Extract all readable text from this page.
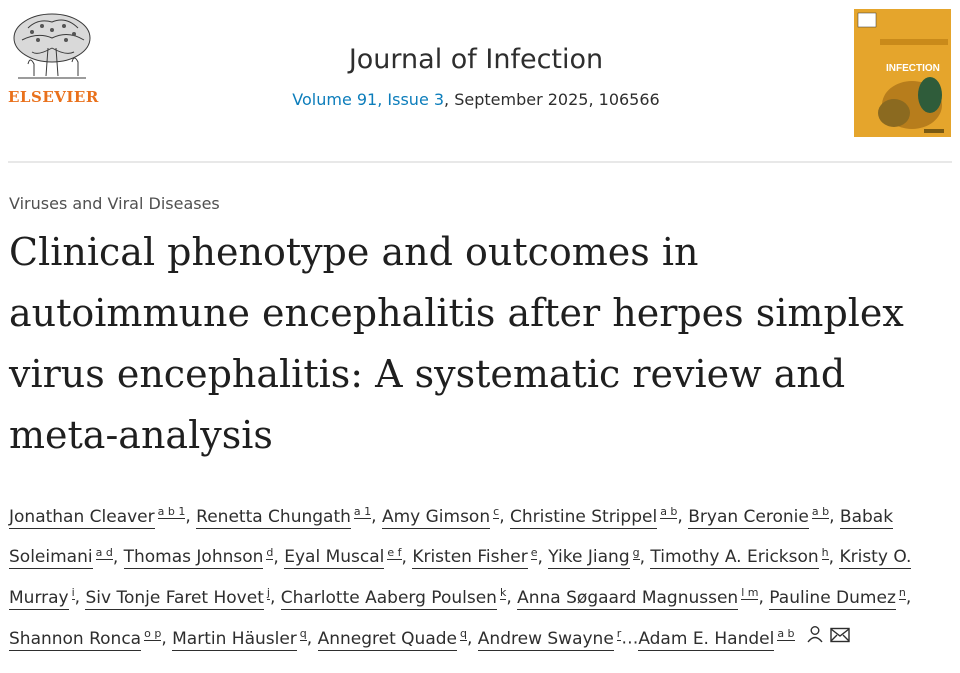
ELSEVIER
Journal of Infection
Volume 91, Issue 3, September 2025, 106566
INFECTION
Viruses and Viral Diseases
Clinical phenotype and outcomes in autoimmune encephalitis after herpes simplex virus encephalitis: A systematic review and meta-analysis
Jonathan Cleaver $^{a b 1}$, Renetta Chungath $^{a 1}$, Amy Gimson $^c$, Christine Strippel $^{a b}$, Bryan Ceronie $^{a b}$, Babak Soleimani $^{a d}$, Thomas Johnson $^d$, Eyal Muscal $^{e f}$, Kristen Fisher $^e$, Yike Jiang $^g$, Timothy A. Erickson $^h$, Kristy O. Murray $^i$, Siv Tonje Faret Hovet $^j$, Charlotte Aaberg Poulsen $^k$, Anna Søgaard Magnussen $^{l m}$, Pauline Dumez $^n$, Shannon Ronca $^{o p}$, Martin Häusler $^q$, Annegret Quade $^q$, Andrew Swayne $^r$…Adam E. Handel $^{a b}$
